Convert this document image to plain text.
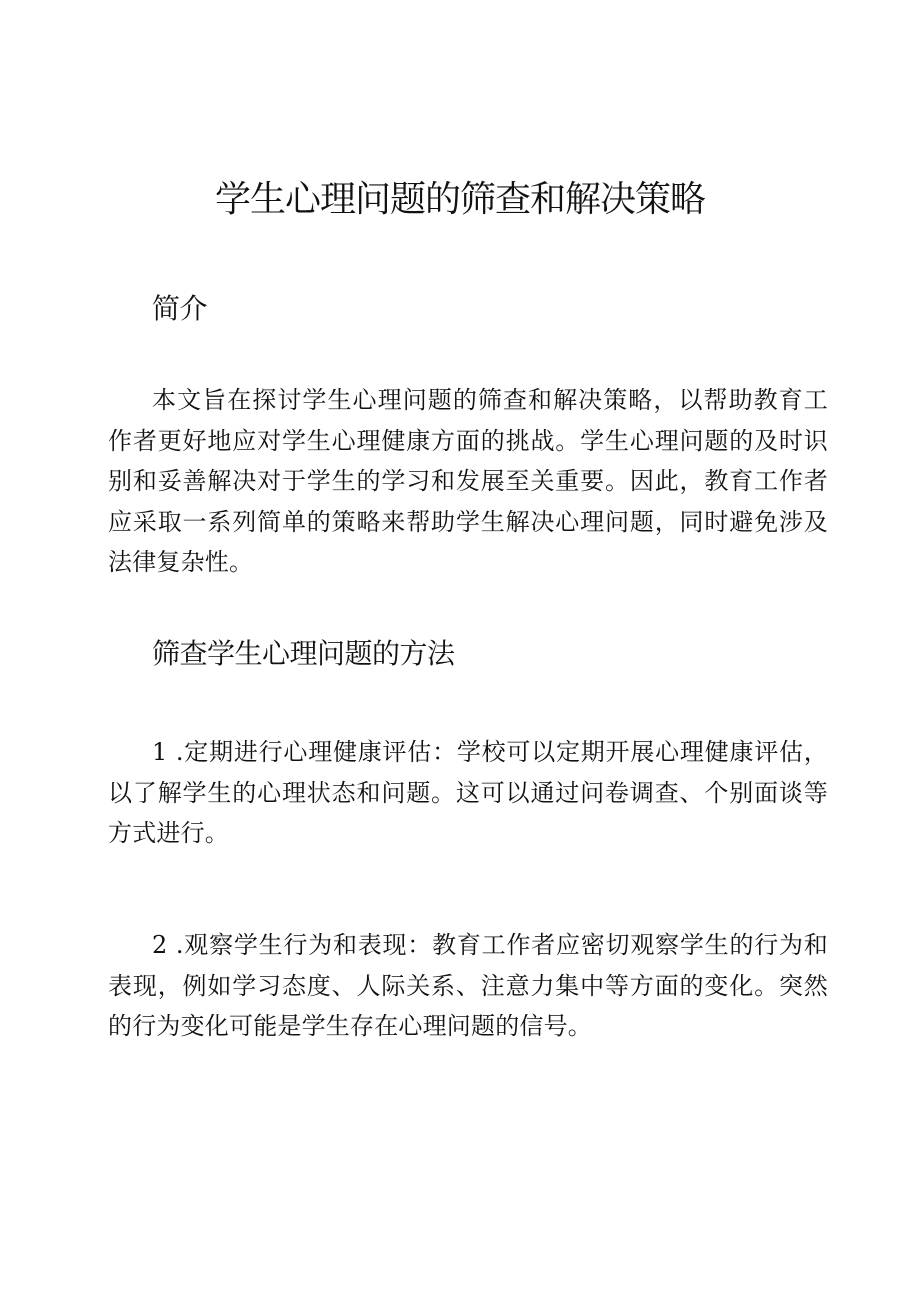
学生心理问题的筛查和解决策略
简介

本文旨在探讨学生心理问题的筛查和解决策略，以帮助教育工作者更好地应对学生心理健康方面的挑战。学生心理问题的及时识别和妥善解决对于学生的学习和发展至关重要。因此，教育工作者应采取一系列简单的策略来帮助学生解决心理问题，同时避免涉及法律复杂性。

筛查学生心理问题的方法

1 .定期进行心理健康评估：学校可以定期开展心理健康评估，以了解学生的心理状态和问题。这可以通过问卷调查、个别面谈等方式进行。

2 .观察学生行为和表现：教育工作者应密切观察学生的行为和表现，例如学习态度、人际关系、注意力集中等方面的变化。突然的行为变化可能是学生存在心理问题的信号。
